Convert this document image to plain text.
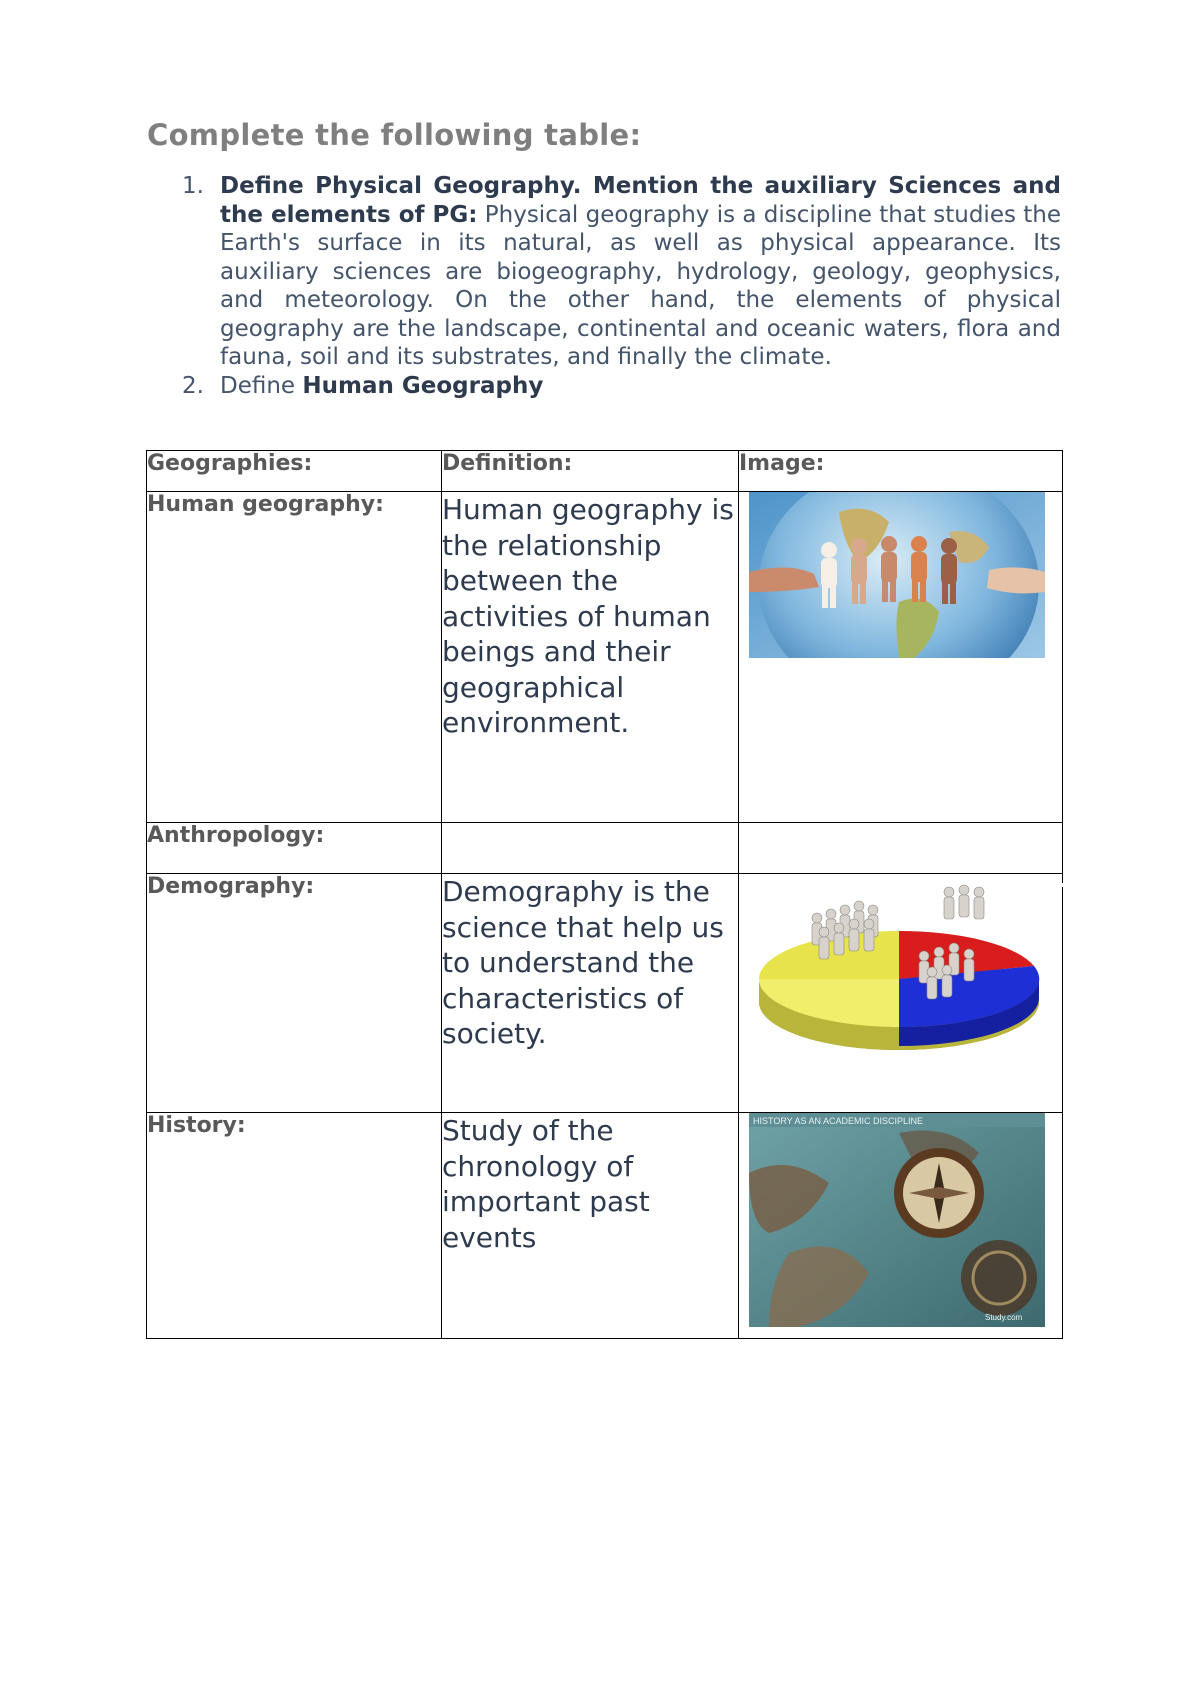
Complete the following table:
1. Define Physical Geography. Mention the auxiliary Sciences and the elements of PG: Physical geography is a discipline that studies the Earth's surface in its natural, as well as physical appearance. Its auxiliary sciences are biogeography, hydrology, geology, geophysics, and meteorology. On the other hand, the elements of physical geography are the landscape, continental and oceanic waters, flora and fauna, soil and its substrates, and finally the climate.
2. Define Human Geography
Geographies:	Definition:	Image:
Human geography:	Human geography is the relationship between the activities of human beings and their geographical environment.	

Anthropology:		
Demography:	Demography is the science that help us to understand the characteristics of society.	

History:	Study of the chronology of important past events	HISTORY AS AN ACADEMIC DISCIPLINE
Study.com
